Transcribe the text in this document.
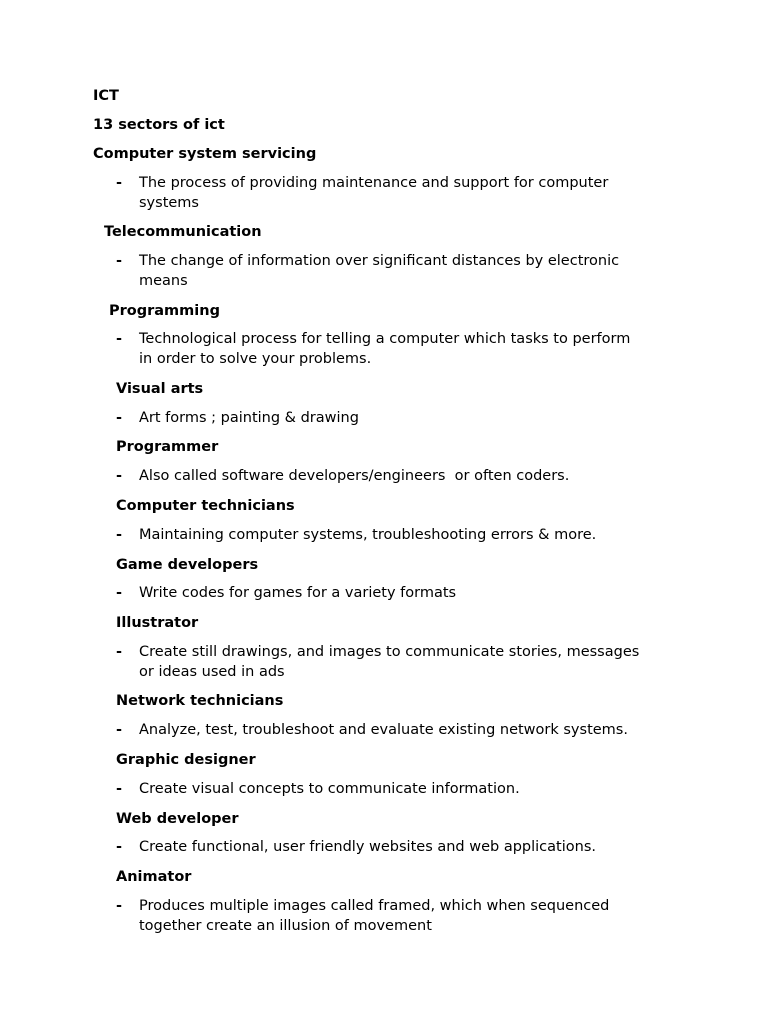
ICT
13 sectors of ict
Computer system servicing
- The process of providing maintenance and support for computer
systems
Telecommunication
- The change of information over significant distances by electronic
means
Programming
- Technological process for telling a computer which tasks to perform
in order to solve your problems.
Visual arts
- Art forms ; painting & drawing
Programmer
- Also called software developers/engineers  or often coders.
Computer technicians
- Maintaining computer systems, troubleshooting errors & more.
Game developers
- Write codes for games for a variety formats
Illustrator
- Create still drawings, and images to communicate stories, messages
or ideas used in ads
Network technicians
- Analyze, test, troubleshoot and evaluate existing network systems.
Graphic designer
- Create visual concepts to communicate information.
Web developer
- Create functional, user friendly websites and web applications.
Animator
- Produces multiple images called framed, which when sequenced
together create an illusion of movement
